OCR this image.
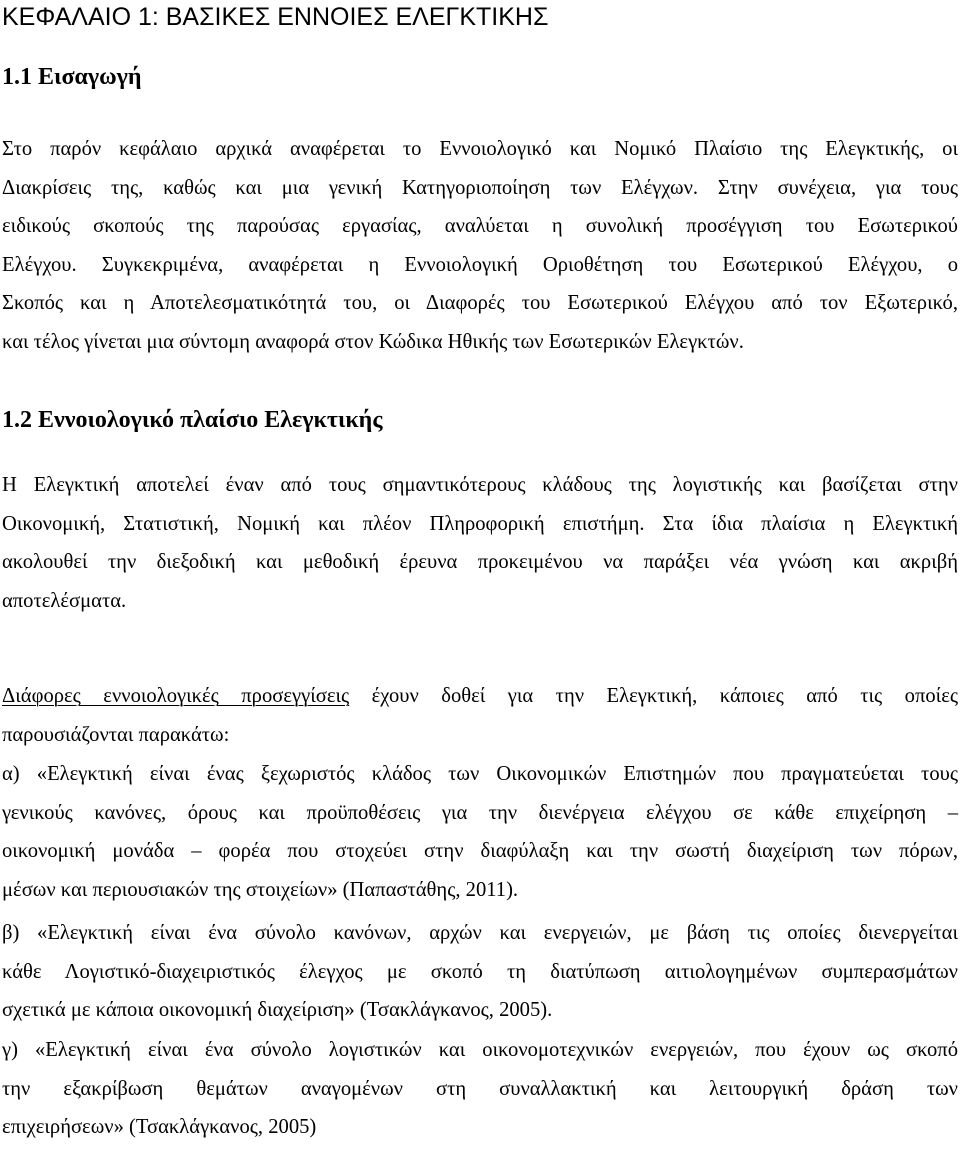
ΚΕΦΑΛΑΙΟ 1: ΒΑΣΙΚΕΣ ΕΝΝΟΙΕΣ ΕΛΕΓΚΤΙΚΗΣ
1.1 Εισαγωγή

Στο παρόν κεφάλαιο αρχικά αναφέρεται το Εννοιολογικό και Νομικό Πλαίσιο της Ελεγκτικής, οι
Διακρίσεις της, καθώς και μια γενική Κατηγοριοποίηση των Ελέγχων. Στην συνέχεια, για τους
ειδικούς σκοπούς της παρούσας εργασίας, αναλύεται η συνολική προσέγγιση του Εσωτερικού
Ελέγχου. Συγκεκριμένα, αναφέρεται η Εννοιολογική Οριοθέτηση του Εσωτερικού Ελέγχου, ο
Σκοπός και η Αποτελεσματικότητά του, οι Διαφορές του Εσωτερικού Ελέγχου από τον Εξωτερικό,
και τέλος γίνεται μια σύντομη αναφορά στον Κώδικα Ηθικής των Εσωτερικών Ελεγκτών.

1.2 Εννοιολογικό πλαίσιο Ελεγκτικής

Η Ελεγκτική αποτελεί έναν από τους σημαντικότερους κλάδους της λογιστικής και βασίζεται στην
Οικονομική, Στατιστική, Νομική και πλέον Πληροφορική επιστήμη. Στα ίδια πλαίσια η Ελεγκτική
ακολουθεί την διεξοδική και μεθοδική έρευνα προκειμένου να παράξει νέα γνώση και ακριβή
αποτελέσματα.

Διάφορες εννοιολογικές προσεγγίσεις έχουν δοθεί για την Ελεγκτική, κάποιες από τις οποίες
παρουσιάζονται παρακάτω:

α) «Ελεγκτική είναι ένας ξεχωριστός κλάδος των Οικονομικών Επιστημών που πραγματεύεται τους
γενικούς κανόνες, όρους και προϋποθέσεις για την διενέργεια ελέγχου σε κάθε επιχείρηση –
οικονομική μονάδα – φορέα που στοχεύει στην διαφύλαξη και την σωστή διαχείριση των πόρων,
μέσων και περιουσιακών της στοιχείων» (Παπαστάθης, 2011).

β) «Ελεγκτική είναι ένα σύνολο κανόνων, αρχών και ενεργειών, με βάση τις οποίες διενεργείται
κάθε Λογιστικό-διαχειριστικός έλεγχος με σκοπό τη διατύπωση αιτιολογημένων συμπερασμάτων
σχετικά με κάποια οικονομική διαχείριση» (Τσακλάγκανος, 2005).

γ) «Ελεγκτική είναι ένα σύνολο λογιστικών και οικονομοτεχνικών ενεργειών, που έχουν ως σκοπό
την εξακρίβωση θεμάτων αναγομένων στη συναλλακτική και λειτουργική δράση των
επιχειρήσεων» (Τσακλάγκανος, 2005)
